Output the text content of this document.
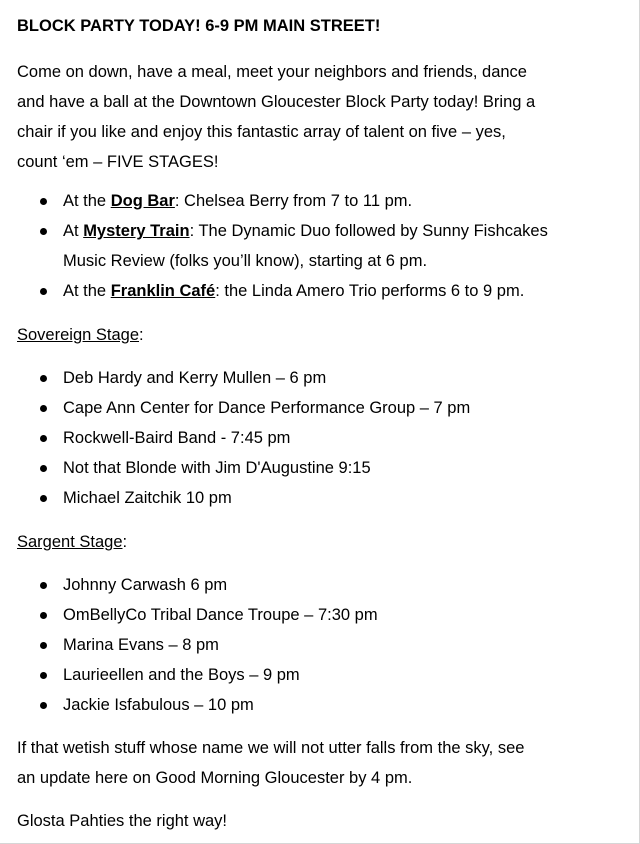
BLOCK PARTY TODAY! 6-9 PM MAIN STREET!
Come on down, have a meal, meet your neighbors and friends, dance
and have a ball at the Downtown Gloucester Block Party today! Bring a
chair if you like and enjoy this fantastic array of talent on five – yes,
count ‘em – FIVE STAGES!
At the Dog Bar: Chelsea Berry from 7 to 11 pm.
At Mystery Train: The Dynamic Duo followed by Sunny Fishcakes
Music Review (folks you’ll know), starting at 6 pm.
At the Franklin Café: the Linda Amero Trio performs 6 to 9 pm.
Sovereign Stage:
Deb Hardy and Kerry Mullen – 6 pm
Cape Ann Center for Dance Performance Group – 7 pm
Rockwell-Baird Band - 7:45 pm
Not that Blonde with Jim D'Augustine 9:15
Michael Zaitchik 10 pm
Sargent Stage:
Johnny Carwash 6 pm
OmBellyCo Tribal Dance Troupe – 7:30 pm
Marina Evans – 8 pm
Laurieellen and the Boys – 9 pm
Jackie Isfabulous – 10 pm
If that wetish stuff whose name we will not utter falls from the sky, see
an update here on Good Morning Gloucester by 4 pm.
Glosta Pahties the right way!
